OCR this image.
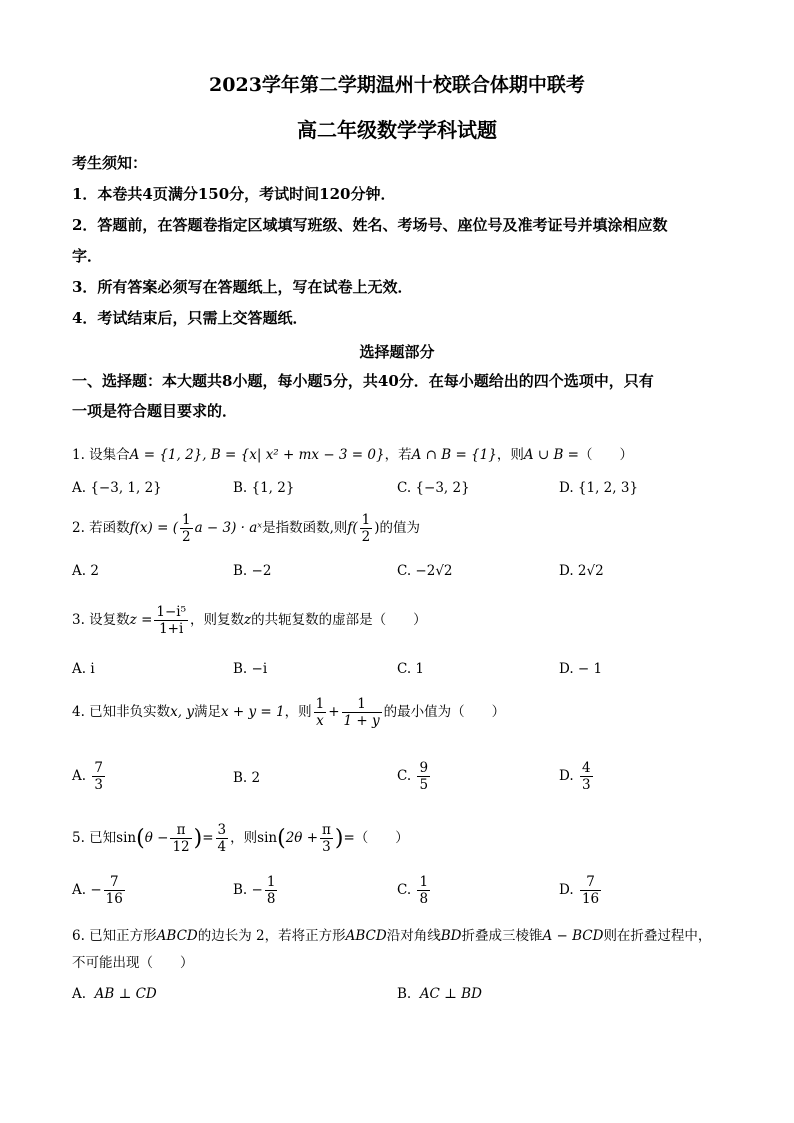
2023学年第二学期温州十校联合体期中联考
高二年级数学学科试题
考生须知：
1．本卷共4页满分150分，考试时间120分钟．
2．答题前，在答题卷指定区域填写班级、姓名、考场号、座位号及准考证号并填涂相应数
字．
3．所有答案必须写在答题纸上，写在试卷上无效．
4．考试结束后，只需上交答题纸．
选择题部分
一、选择题：本大题共8小题，每小题5分，共40分．在每小题给出的四个选项中，只有
一项是符合题目要求的．
1. 设集合A = {1, 2}, B = {x| x² + mx − 3 = 0}，若A ∩ B = {1}，则A ∪ B =（　　）
A. {−3, 1, 2}	B. {1, 2}	C. {−3, 2}	D. {1, 2, 3}
2. 若函数f(x) = ( $\frac{1}{2}$ a − 3) · aˣ是指数函数,则$f( \frac{1}{2}$ )的值为
A. 2	B. −2	C. −2√2	D. 2√2
3. 设复数$z = \frac{\text{1−i⁵}}{1+i}$ ，则复数z的共轭复数的虚部是（　　）
A. i	B. −i	C. 1	D. − 1
4. 已知非负实数x, y满足x + y = 1，则 $\frac{1}{x} + \frac{1}{1 + y}$ 的最小值为（　　）
A. $\frac{7}{3}$	B. 2	C. $\frac{9}{5}$	D. $\frac{4}{3}$
5. 已知$\sin(\theta - \frac{\pi}{12}$ )= $\frac{3}{4}$ ，则$\sin(2\theta + \frac{\pi}{3}$ )=（　　）
A. − $\frac{7}{16}$	B. − $\frac{1}{8}$	C. $\frac{1}{8}$	D. $\frac{7}{16}$
6. 已知正方形ABCD的边长为 2，若将正方形ABCD沿对角线BD折叠成三棱锥A − BCD则在折叠过程中，
不可能出现（　　）
A. AB ⊥ CD	B. AC ⊥ BD
